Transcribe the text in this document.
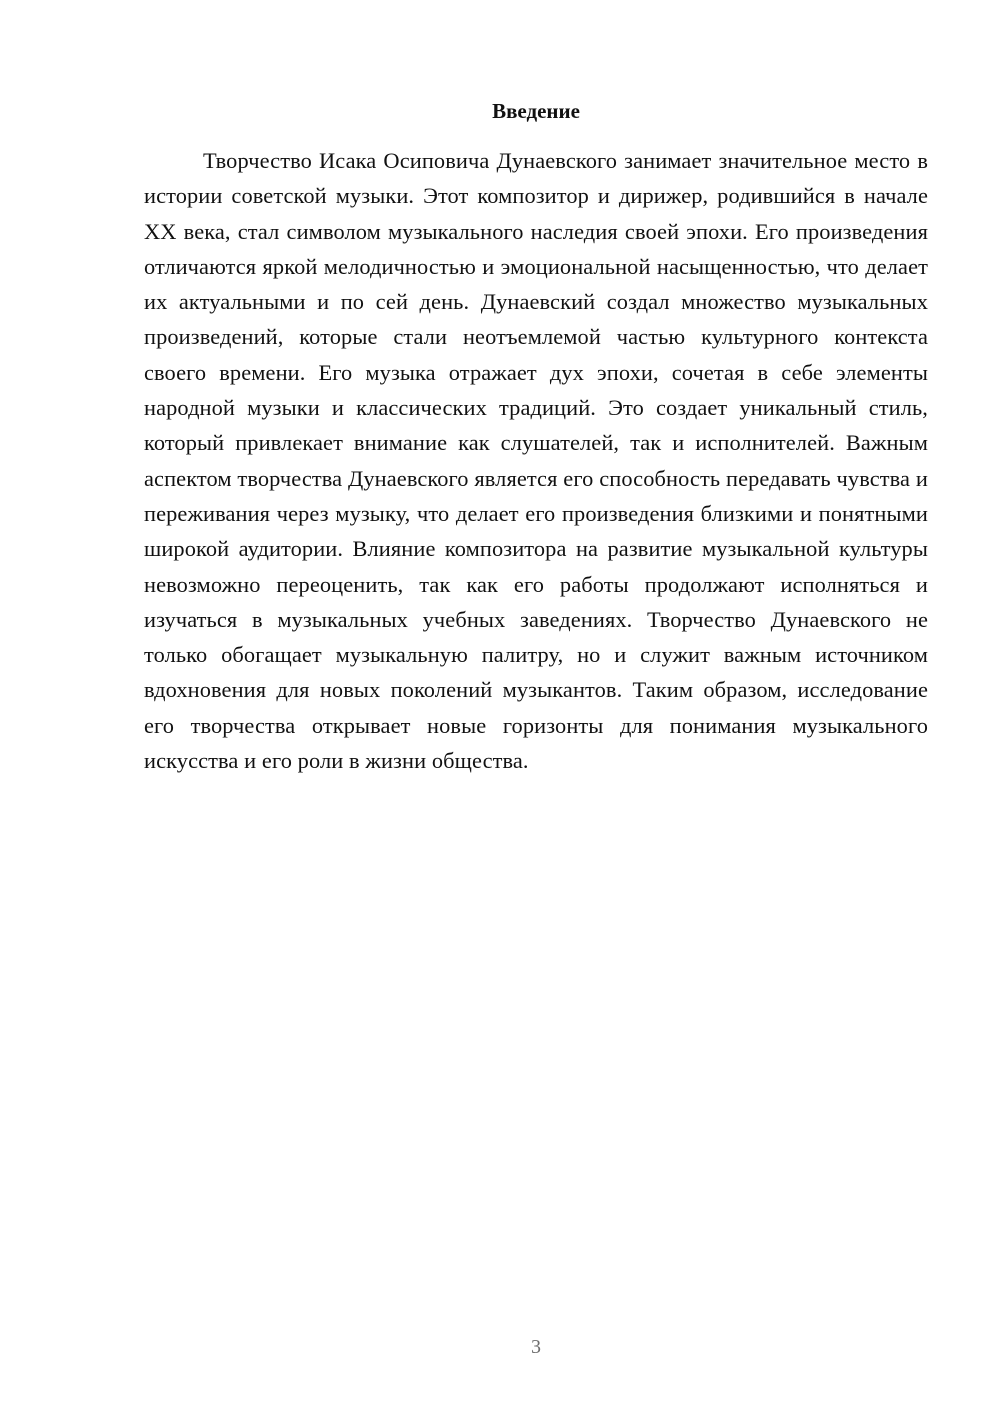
Введение

Творчество Исака Осиповича Дунаевского занимает значительное место в истории советской музыки. Этот композитор и дирижер, родившийся в начале XX века, стал символом музыкального наследия своей эпохи. Его произведения отличаются яркой мелодичностью и эмоциональной насыщенностью, что делает их актуальными и по сей день. Дунаевский создал множество музыкальных произведений, которые стали неотъемлемой частью культурного контекста своего времени. Его музыка отражает дух эпохи, сочетая в себе элементы народной музыки и классических традиций. Это создает уникальный стиль, который привлекает внимание как слушателей, так и исполнителей. Важным аспектом творчества Дунаевского является его способность передавать чувства и переживания через музыку, что делает его произведения близкими и понятными широкой аудитории. Влияние композитора на развитие музыкальной культуры невозможно переоценить, так как его работы продолжают исполняться и изучаться в музыкальных учебных заведениях. Творчество Дунаевского не только обогащает музыкальную палитру, но и служит важным источником вдохновения для новых поколений музыкантов. Таким образом, исследование его творчества открывает новые горизонты для понимания музыкального искусства и его роли в жизни общества.

3
